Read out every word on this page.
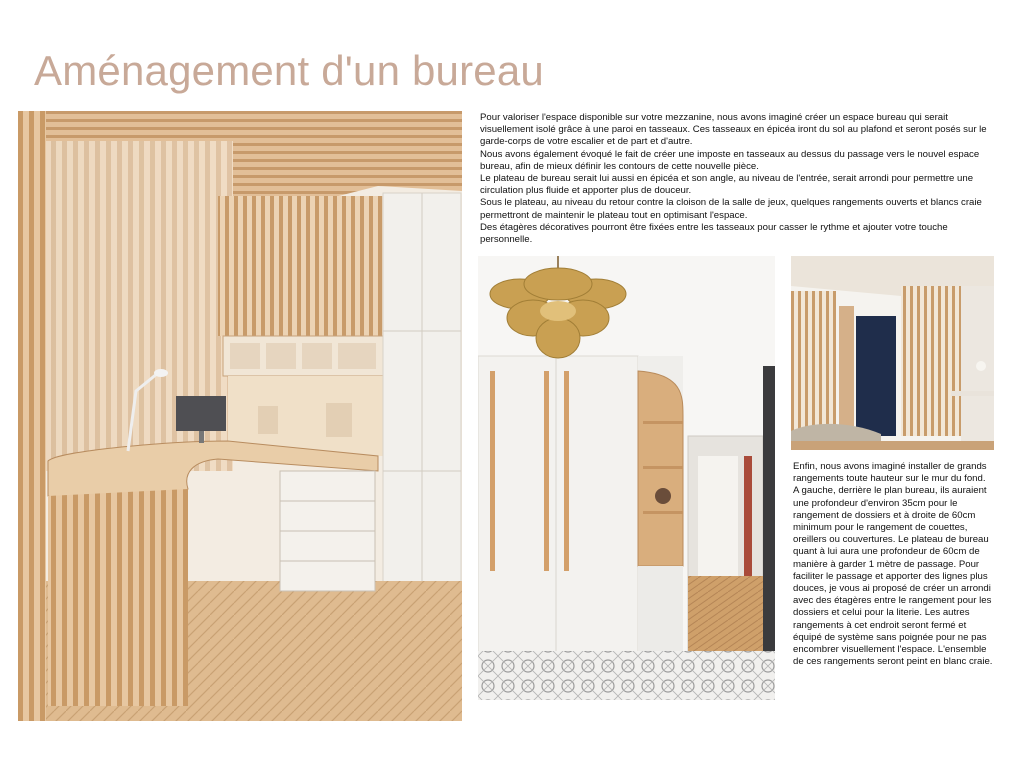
Aménagement d'un bureau

Pour valoriser l'espace disponible sur votre mezzanine, nous avons imaginé créer un espace bureau qui serait visuellement isolé grâce à une paroi en tasseaux. Ces tasseaux en épicéa iront du sol au plafond et seront posés sur le garde-corps de votre escalier et de part et d'autre.

Nous avons également évoqué le fait de créer une imposte en tasseaux au dessus du passage vers le nouvel espace bureau, afin de mieux définir les contours de cette nouvelle pièce.

Le plateau de bureau serait lui aussi en épicéa et son angle, au niveau de l'entrée, serait arrondi pour permettre une circulation plus fluide et apporter plus de douceur.

Sous le plateau, au niveau du retour contre la cloison de la salle de jeux, quelques rangements ouverts et blancs craie permettront de maintenir le plateau tout en optimisant l'espace.

Des étagères décoratives pourront être fixées entre les tasseaux pour casser le rythme et ajouter votre touche personnelle.

Enfin, nous avons imaginé installer de grands rangements toute hauteur sur le mur du fond. A gauche, derrière le plan bureau, ils auraient une profondeur d'environ 35cm pour le rangement de dossiers et à droite de 60cm minimum pour le rangement de couettes, oreillers ou couvertures. Le plateau de bureau quant à lui aura une profondeur de 60cm de manière à garder 1 mètre de passage. Pour faciliter le passage et apporter des lignes plus douces, je vous ai proposé de créer un arrondi avec des étagères entre le rangement pour les dossiers et celui pour la literie. Les autres rangements à cet endroit seront fermé et équipé de système sans poignée pour ne pas encombrer visuellement l'espace. L'ensemble de ces rangements seront peint en blanc craie.
